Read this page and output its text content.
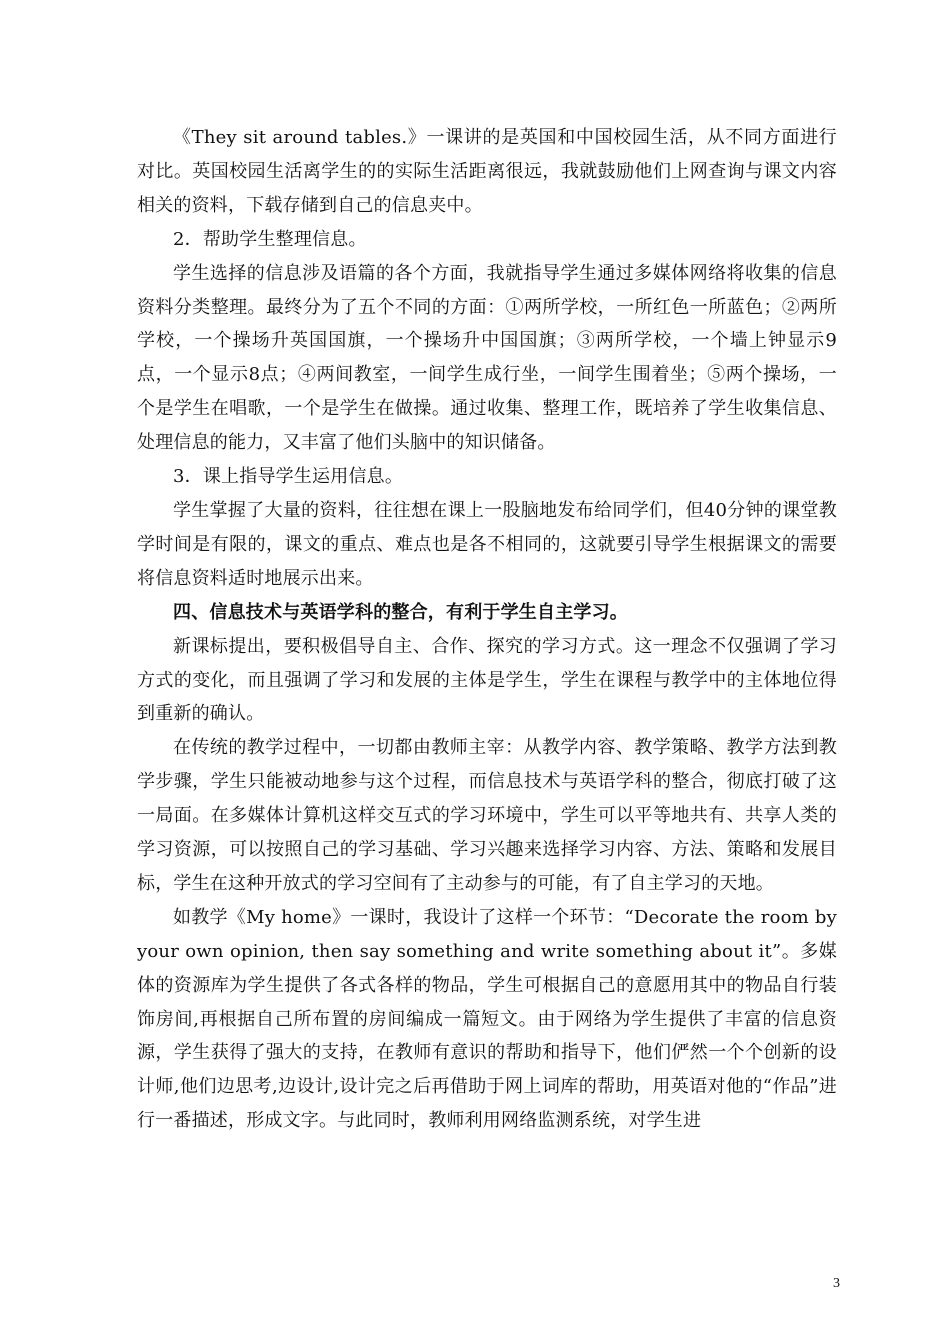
《They sit around tables.》一课讲的是英国和中国校园生活，从不同方面进行对比。英国校园生活离学生的的实际生活距离很远，我就鼓励他们上网查询与课文内容相关的资料，下载存储到自己的信息夹中。

2．帮助学生整理信息。

学生选择的信息涉及语篇的各个方面，我就指导学生通过多媒体网络将收集的信息资料分类整理。最终分为了五个不同的方面：①两所学校，一所红色一所蓝色；②两所学校，一个操场升英国国旗，一个操场升中国国旗；③两所学校，一个墙上钟显示9点，一个显示8点；④两间教室，一间学生成行坐，一间学生围着坐；⑤两个操场，一个是学生在唱歌，一个是学生在做操。通过收集、整理工作，既培养了学生收集信息、处理信息的能力，又丰富了他们头脑中的知识储备。

3．课上指导学生运用信息。

学生掌握了大量的资料，往往想在课上一股脑地发布给同学们，但40分钟的课堂教学时间是有限的，课文的重点、难点也是各不相同的，这就要引导学生根据课文的需要将信息资料适时地展示出来。

四、信息技术与英语学科的整合，有利于学生自主学习。

新课标提出，要积极倡导自主、合作、探究的学习方式。这一理念不仅强调了学习方式的变化，而且强调了学习和发展的主体是学生，学生在课程与教学中的主体地位得到重新的确认。

在传统的教学过程中，一切都由教师主宰：从教学内容、教学策略、教学方法到教学步骤，学生只能被动地参与这个过程，而信息技术与英语学科的整合，彻底打破了这一局面。在多媒体计算机这样交互式的学习环境中，学生可以平等地共有、共享人类的学习资源，可以按照自己的学习基础、学习兴趣来选择学习内容、方法、策略和发展目标，学生在这种开放式的学习空间有了主动参与的可能，有了自主学习的天地。

如教学《My home》一课时，我设计了这样一个环节：“Decorate the room by your own opinion, then say something and write something about it”。多媒体的资源库为学生提供了各式各样的物品，学生可根据自己的意愿用其中的物品自行装饰房间,再根据自己所布置的房间编成一篇短文。由于网络为学生提供了丰富的信息资源，学生获得了强大的支持，在教师有意识的帮助和指导下，他们俨然一个个创新的设计师,他们边思考,边设计,设计完之后再借助于网上词库的帮助，用英语对他的“作品”进行一番描述，形成文字。与此同时，教师利用网络监测系统，对学生进

3
